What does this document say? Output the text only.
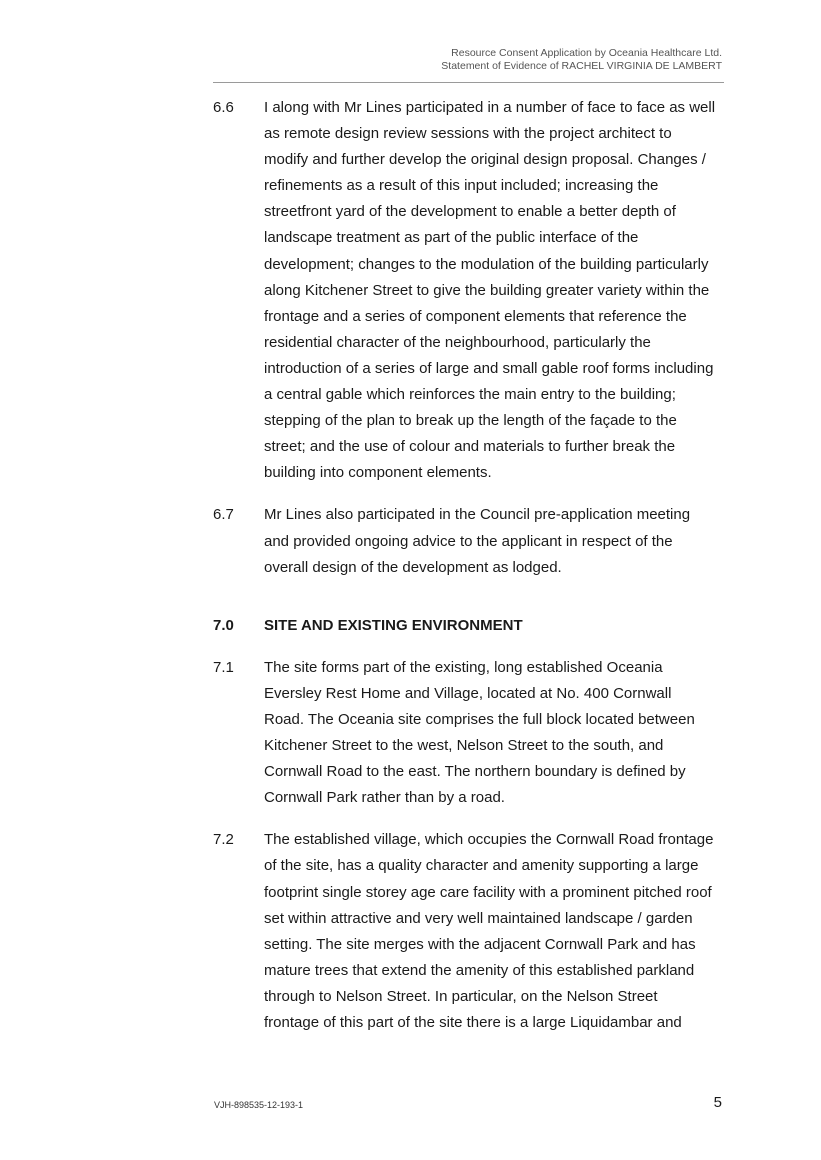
Resource Consent Application by Oceania Healthcare Ltd.
Statement of Evidence of RACHEL VIRGINIA DE LAMBERT
6.6	I along with Mr Lines participated in a number of face to face as well
as remote design review sessions with the project architect to
modify and further develop the original design proposal. Changes /
refinements as a result of this input included; increasing the
streetfront yard of the development to enable a better depth of
landscape treatment as part of the public interface of the
development; changes to the modulation of the building particularly
along Kitchener Street to give the building greater variety within the
frontage and a series of component elements that reference the
residential character of the neighbourhood, particularly the
introduction of a series of large and small gable roof forms including
a central gable which reinforces the main entry to the building;
stepping of the plan to break up the length of the façade to the
street; and the use of colour and materials to further break the
building into component elements.
6.7	Mr Lines also participated in the Council pre-application meeting
and provided ongoing advice to the applicant in respect of the
overall design of the development as lodged.
7.0	SITE AND EXISTING ENVIRONMENT
7.1	The site forms part of the existing, long established Oceania
Eversley Rest Home and Village, located at No. 400 Cornwall
Road. The Oceania site comprises the full block located between
Kitchener Street to the west, Nelson Street to the south, and
Cornwall Road to the east. The northern boundary is defined by
Cornwall Park rather than by a road.
7.2	The established village, which occupies the Cornwall Road frontage
of the site, has a quality character and amenity supporting a large
footprint single storey age care facility with a prominent pitched roof
set within attractive and very well maintained landscape / garden
setting. The site merges with the adjacent Cornwall Park and has
mature trees that extend the amenity of this established parkland
through to Nelson Street. In particular, on the Nelson Street
frontage of this part of the site there is a large Liquidambar and
VJH-898535-12-193-1	5
